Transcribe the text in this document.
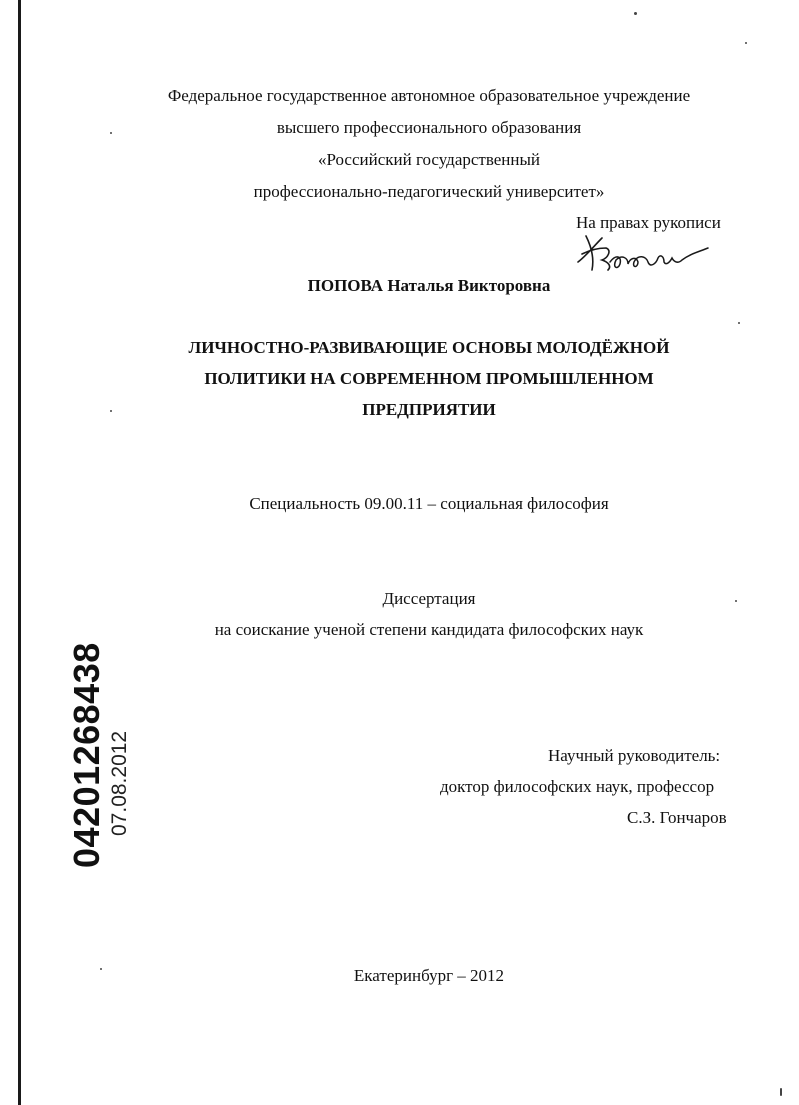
Федеральное государственное автономное образовательное учреждение
высшего профессионального образования
«Российский государственный
профессионально-педагогический университет»
На правах рукописи
Кроноба
ПОПОВА Наталья Викторовна
ЛИЧНОСТНО-РАЗВИВАЮЩИЕ ОСНОВЫ МОЛОДЁЖНОЙ
ПОЛИТИКИ НА СОВРЕМЕННОМ ПРОМЫШЛЕННОМ
ПРЕДПРИЯТИИ
Специальность 09.00.11 – социальная философия
Диссертация
на соискание ученой степени кандидата философских наук
Научный руководитель:
доктор философских наук, профессор
С.З. Гончаров
Екатеринбург – 2012
04201268438 07.08.2012
